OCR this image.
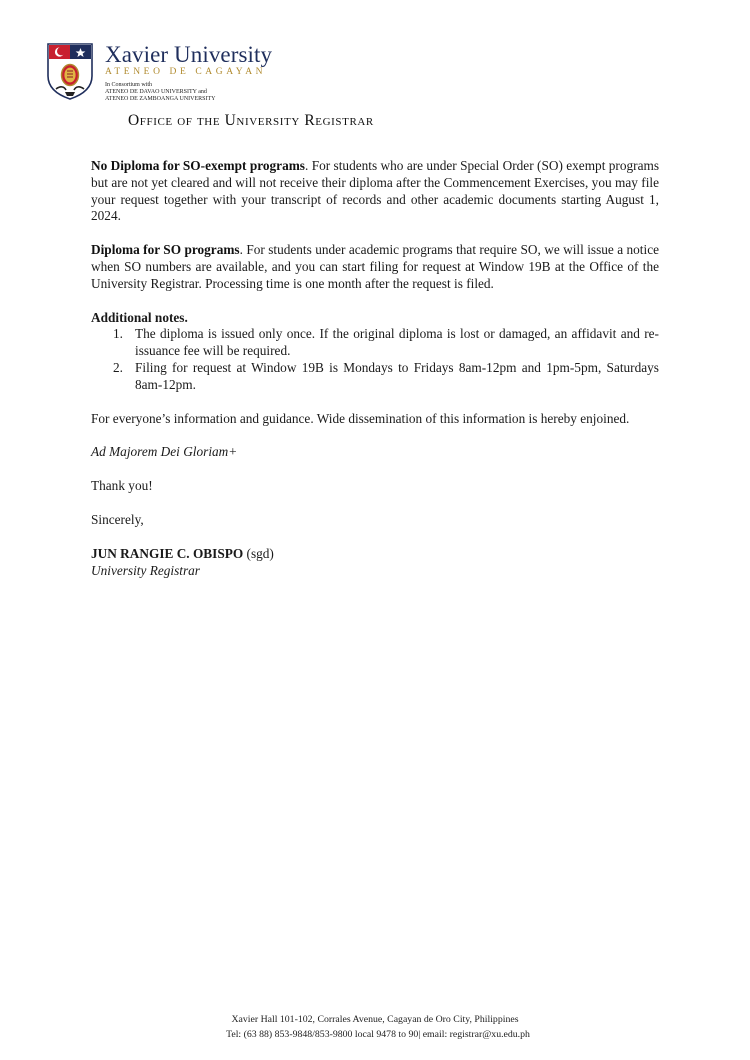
Xavier University
ATENEO DE CAGAYAN
In Consortium with
ATENEO DE DAVAO UNIVERSITY and
ATENEO DE ZAMBOANGA UNIVERSITY
Office of the University Registrar

No Diploma for SO-exempt programs. For students who are under Special Order (SO) exempt programs but are not yet cleared and will not receive their diploma after the Commencement Exercises, you may file your request together with your transcript of records and other academic documents starting August 1, 2024.

Diploma for SO programs. For students under academic programs that require SO, we will issue a notice when SO numbers are available, and you can start filing for request at Window 19B at the Office of the University Registrar. Processing time is one month after the request is filed.

Additional notes.

1. The diploma is issued only once. If the original diploma is lost or damaged, an affidavit and re-issuance fee will be required.
2. Filing for request at Window 19B is Mondays to Fridays 8am-12pm and 1pm-5pm, Saturdays 8am-12pm.

For everyone’s information and guidance. Wide dissemination of this information is hereby enjoined.

Ad Majorem Dei Gloriam+

Thank you!

Sincerely,

JUN RANGIE C. OBISPO (sgd)

University Registrar

Xavier Hall 101-102, Corrales Avenue, Cagayan de Oro City, Philippines
Tel: (63 88) 853-9848/853-9800 local 9478 to 90| email: registrar@xu.edu.ph
